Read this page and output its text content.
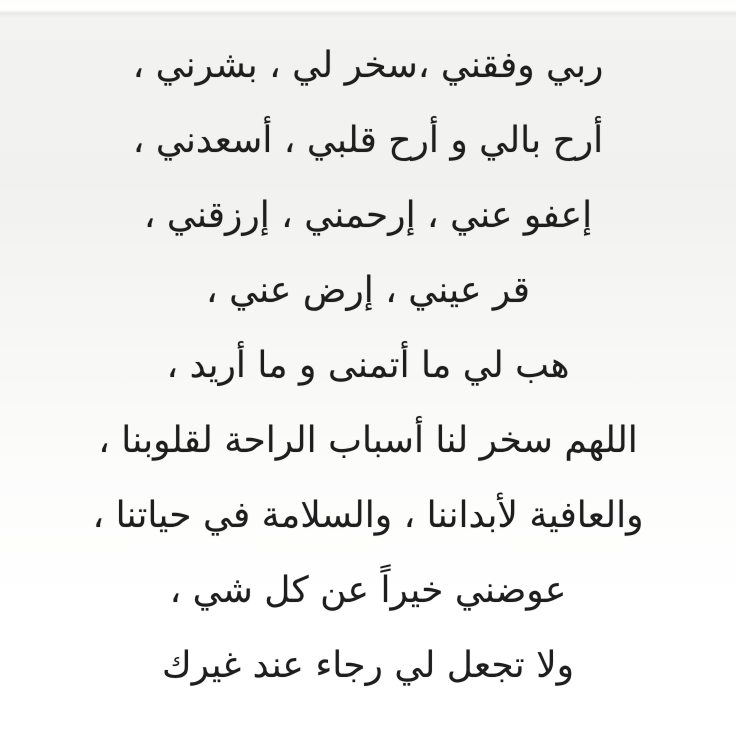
ربي وفقني ،سخر لي ، بشرني ،
أرح بالي و أرح قلبي ، أسعدني ،
إعفو عني ، إرحمني ، إرزقني ،
قر عيني ، إرض عني ،
هب لي ما أتمنى و ما أريد ،
اللهم سخر لنا أسباب الراحة لقلوبنا ،
والعافية لأبداننا ، والسلامة في حياتنا ،
عوضني خيراً عن كل شي ،
ولا تجعل لي رجاء عند غيرك
